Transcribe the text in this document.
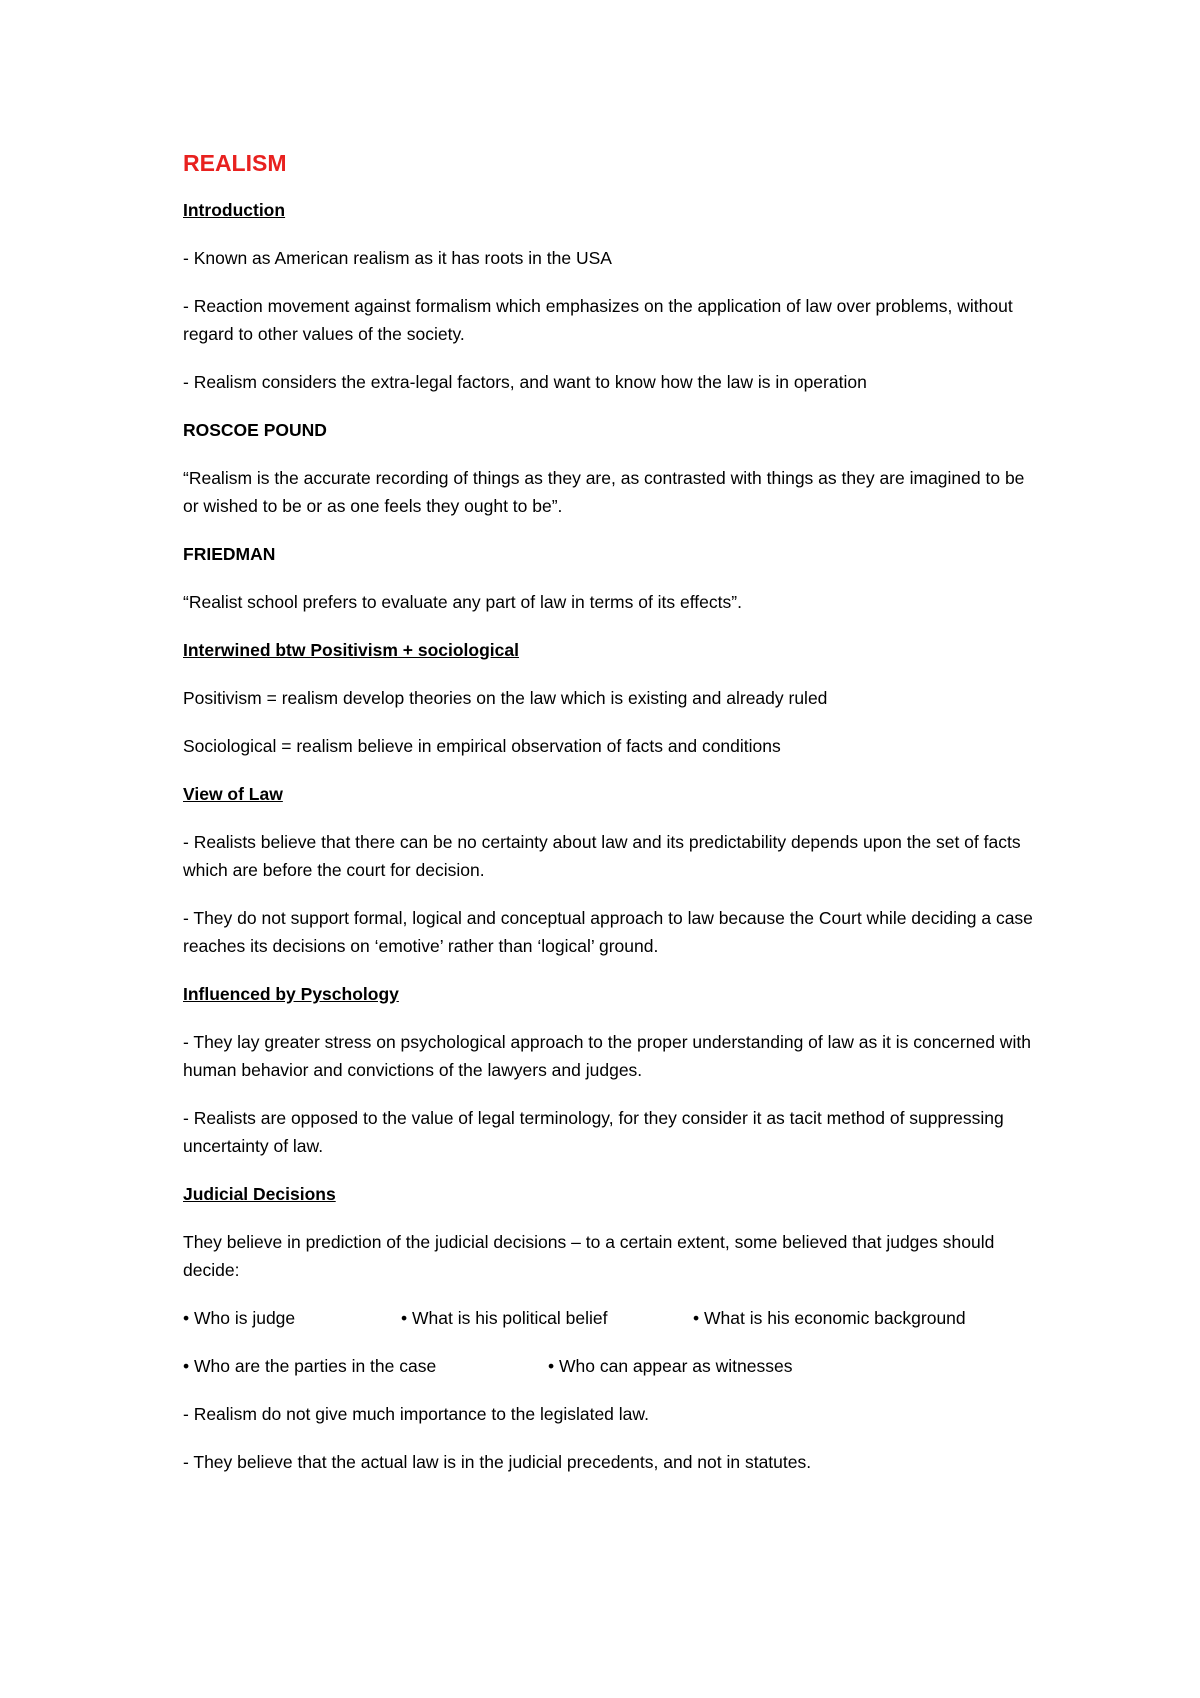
REALISM
Introduction

- Known as American realism as it has roots in the USA

- Reaction movement against formalism which emphasizes on the application of law over problems, without regard to other values of the society.

- Realism considers the extra-legal factors, and want to know how the law is in operation

ROSCOE POUND

“Realism is the accurate recording of things as they are, as contrasted with things as they are imagined to be or wished to be or as one feels they ought to be”.

FRIEDMAN

“Realist school prefers to evaluate any part of law in terms of its effects”.

Interwined btw Positivism + sociological

Positivism = realism develop theories on the law which is existing and already ruled

Sociological = realism believe in empirical observation of facts and conditions

View of Law

- Realists believe that there can be no certainty about law and its predictability depends upon the set of facts which are before the court for decision.

- They do not support formal, logical and conceptual approach to law because the Court while deciding a case reaches its decisions on ‘emotive’ rather than ‘logical’ ground.

Influenced by Pyschology

- They lay greater stress on psychological approach to the proper understanding of law as it is concerned with human behavior and convictions of the lawyers and judges.

- Realists are opposed to the value of legal terminology, for they consider it as tacit method of suppressing uncertainty of law.

Judicial Decisions

They believe in prediction of the judicial decisions – to a certain extent, some believed that judges should decide:

• Who is judge	• What is his political belief	• What is his economic background
• Who are the parties in the case	• Who can appear as witnesses

- Realism do not give much importance to the legislated law.

- They believe that the actual law is in the judicial precedents, and not in statutes.
